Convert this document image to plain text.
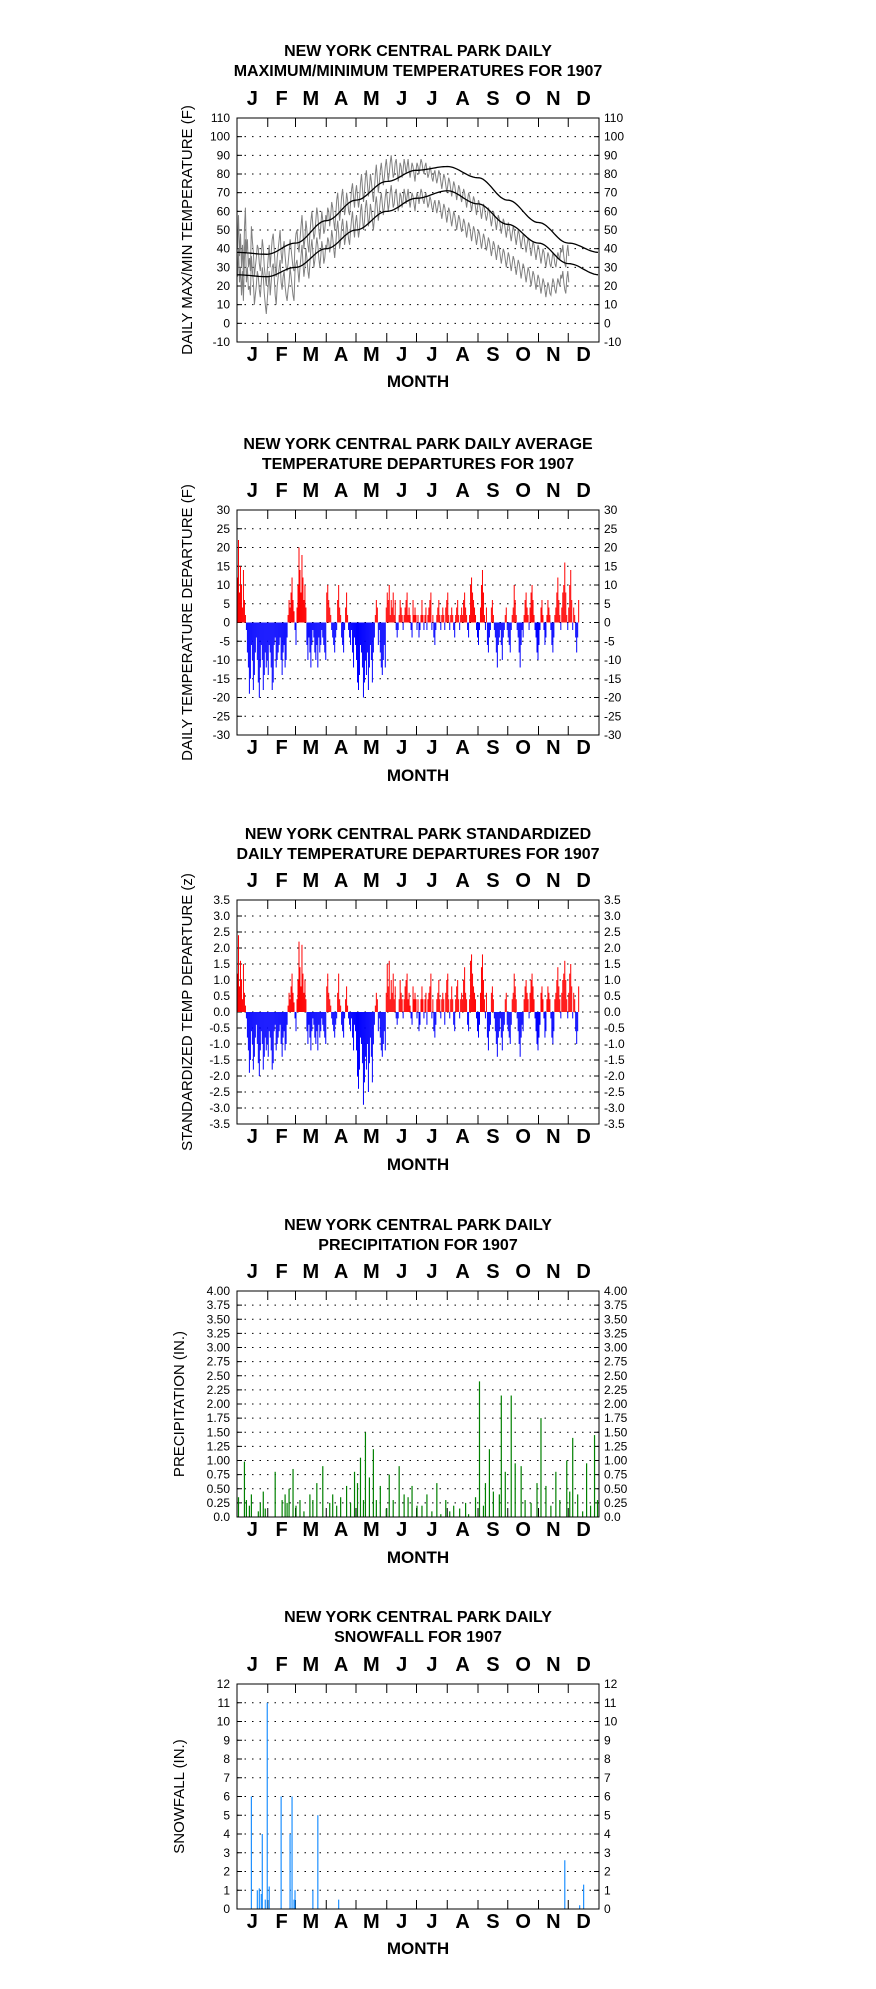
NEW YORK CENTRAL PARK DAILY
MAXIMUM/MINIMUM TEMPERATURES FOR 1907
110	110
100	100
90	90
80	80
70	70
60	60
50	50
40	40
30	30
20	20
10	10
0	0
-10	-10
J
J
F
F
M
M
A
A
M
M
J
J
J
J
A
A
S
S
O
O
N
N
D
D
MONTH
DAILY MAX/MIN TEMPERATURE (F)
NEW YORK CENTRAL PARK DAILY AVERAGE
TEMPERATURE DEPARTURES FOR 1907
30	30
25	25
20	20
15	15
10	10
5	5
0	0
-5	-5
-10	-10
-15	-15
-20	-20
-25	-25
-30	-30
J
J
F
F
M
M
A
A
M
M
J
J
J
J
A
A
S
S
O
O
N
N
D
D
MONTH
DAILY TEMPERATURE DEPARTURE (F)
NEW YORK CENTRAL PARK STANDARDIZED
DAILY TEMPERATURE DEPARTURES FOR 1907
3.5	3.5
3.0	3.0
2.5	2.5
2.0	2.0
1.5	1.5
1.0	1.0
0.5	0.5
0.0	0.0
-0.5	-0.5
-1.0	-1.0
-1.5	-1.5
-2.0	-2.0
-2.5	-2.5
-3.0	-3.0
-3.5	-3.5
J
J
F
F
M
M
A
A
M
M
J
J
J
J
A
A
S
S
O
O
N
N
D
D
MONTH
STANDARDIZED TEMP DEPARTURE (z)
NEW YORK CENTRAL PARK DAILY
PRECIPITATION FOR 1907
4.00	4.00
3.75	3.75
3.50	3.50
3.25	3.25
3.00	3.00
2.75	2.75
2.50	2.50
2.25	2.25
2.00	2.00
1.75	1.75
1.50	1.50
1.25	1.25
1.00	1.00
0.75	0.75
0.50	0.50
0.25	0.25
0.0	0.0
J
J
F
F
M
M
A
A
M
M
J
J
J
J
A
A
S
S
O
O
N
N
D
D
MONTH
PRECIPITATION (IN.)
NEW YORK CENTRAL PARK DAILY
SNOWFALL FOR 1907
12	12
11	11
10	10
9	9
8	8
7	7
6	6
5	5
4	4
3	3
2	2
1	1
0	0
J
J
F
F
M
M
A
A
M
M
J
J
J
J
A
A
S
S
O
O
N
N
D
D
MONTH
SNOWFALL (IN.)
